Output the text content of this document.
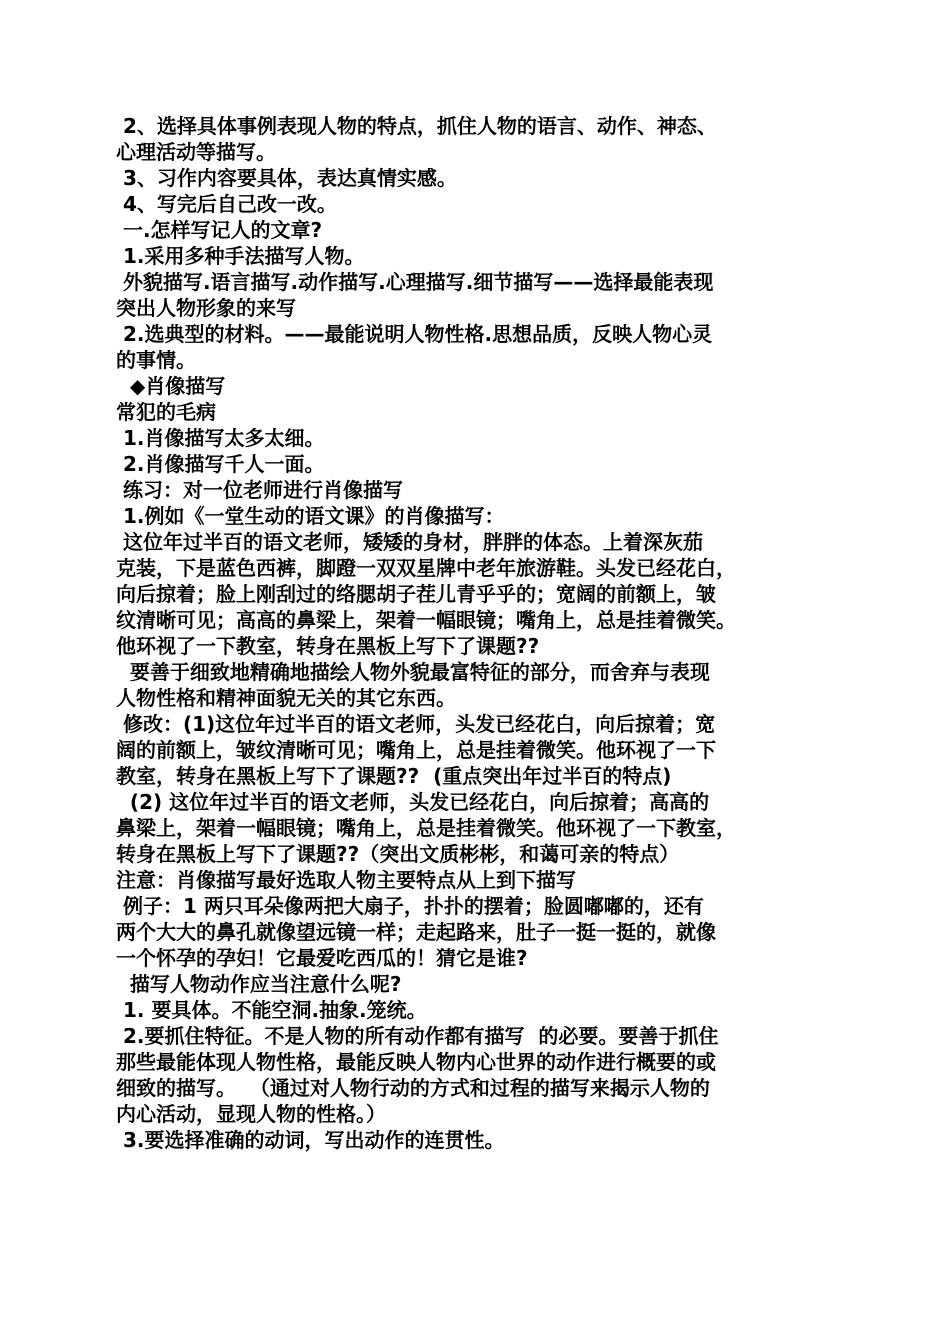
2、选择具体事例表现人物的特点，抓住人物的语言、动作、神态、
心理活动等描写。
3、习作内容要具体，表达真情实感。
4、写完后自己改一改。
一.怎样写记人的文章?
1.采用多种手法描写人物。
外貌描写.语言描写.动作描写.心理描写.细节描写——选择最能表现
突出人物形象的来写
2.选典型的材料。——最能说明人物性格.思想品质，反映人物心灵
的事情。
◆肖像描写
常犯的毛病
1.肖像描写太多太细。
2.肖像描写千人一面。
练习：对一位老师进行肖像描写
1.例如《一堂生动的语文课》的肖像描写：
这位年过半百的语文老师，矮矮的身材，胖胖的体态。上着深灰茄
克装，下是蓝色西裤，脚蹬一双双星牌中老年旅游鞋。头发已经花白，
向后掠着；脸上刚刮过的络腮胡子茬儿青乎乎的；宽阔的前额上，皱
纹清晰可见；高高的鼻梁上，架着一幅眼镜；嘴角上，总是挂着微笑。
他环视了一下教室，转身在黑板上写下了课题??
要善于细致地精确地描绘人物外貌最富特征的部分，而舍弃与表现
人物性格和精神面貌无关的其它东西。
修改：(1)这位年过半百的语文老师，头发已经花白，向后掠着；宽
阔的前额上，皱纹清晰可见；嘴角上，总是挂着微笑。他环视了一下
教室，转身在黑板上写下了课题??  (重点突出年过半百的特点)
(2) 这位年过半百的语文老师，头发已经花白，向后掠着；高高的
鼻梁上，架着一幅眼镜；嘴角上，总是挂着微笑。他环视了一下教室，
转身在黑板上写下了课题??（突出文质彬彬，和蔼可亲的特点）
注意：肖像描写最好选取人物主要特点从上到下描写
例子：1 两只耳朵像两把大扇子，扑扑的摆着；脸圆嘟嘟的，还有
两个大大的鼻孔就像望远镜一样；走起路来，肚子一挺一挺的，就像
一个怀孕的孕妇！它最爱吃西瓜的！猜它是谁?
描写人物动作应当注意什么呢?
1. 要具体。不能空洞.抽象.笼统。
2.要抓住特征。不是人物的所有动作都有描写  的必要。要善于抓住
那些最能体现人物性格，最能反映人物内心世界的动作进行概要的或
细致的描写。  （通过对人物行动的方式和过程的描写来揭示人物的
内心活动，显现人物的性格。）
3.要选择准确的动词，写出动作的连贯性。
